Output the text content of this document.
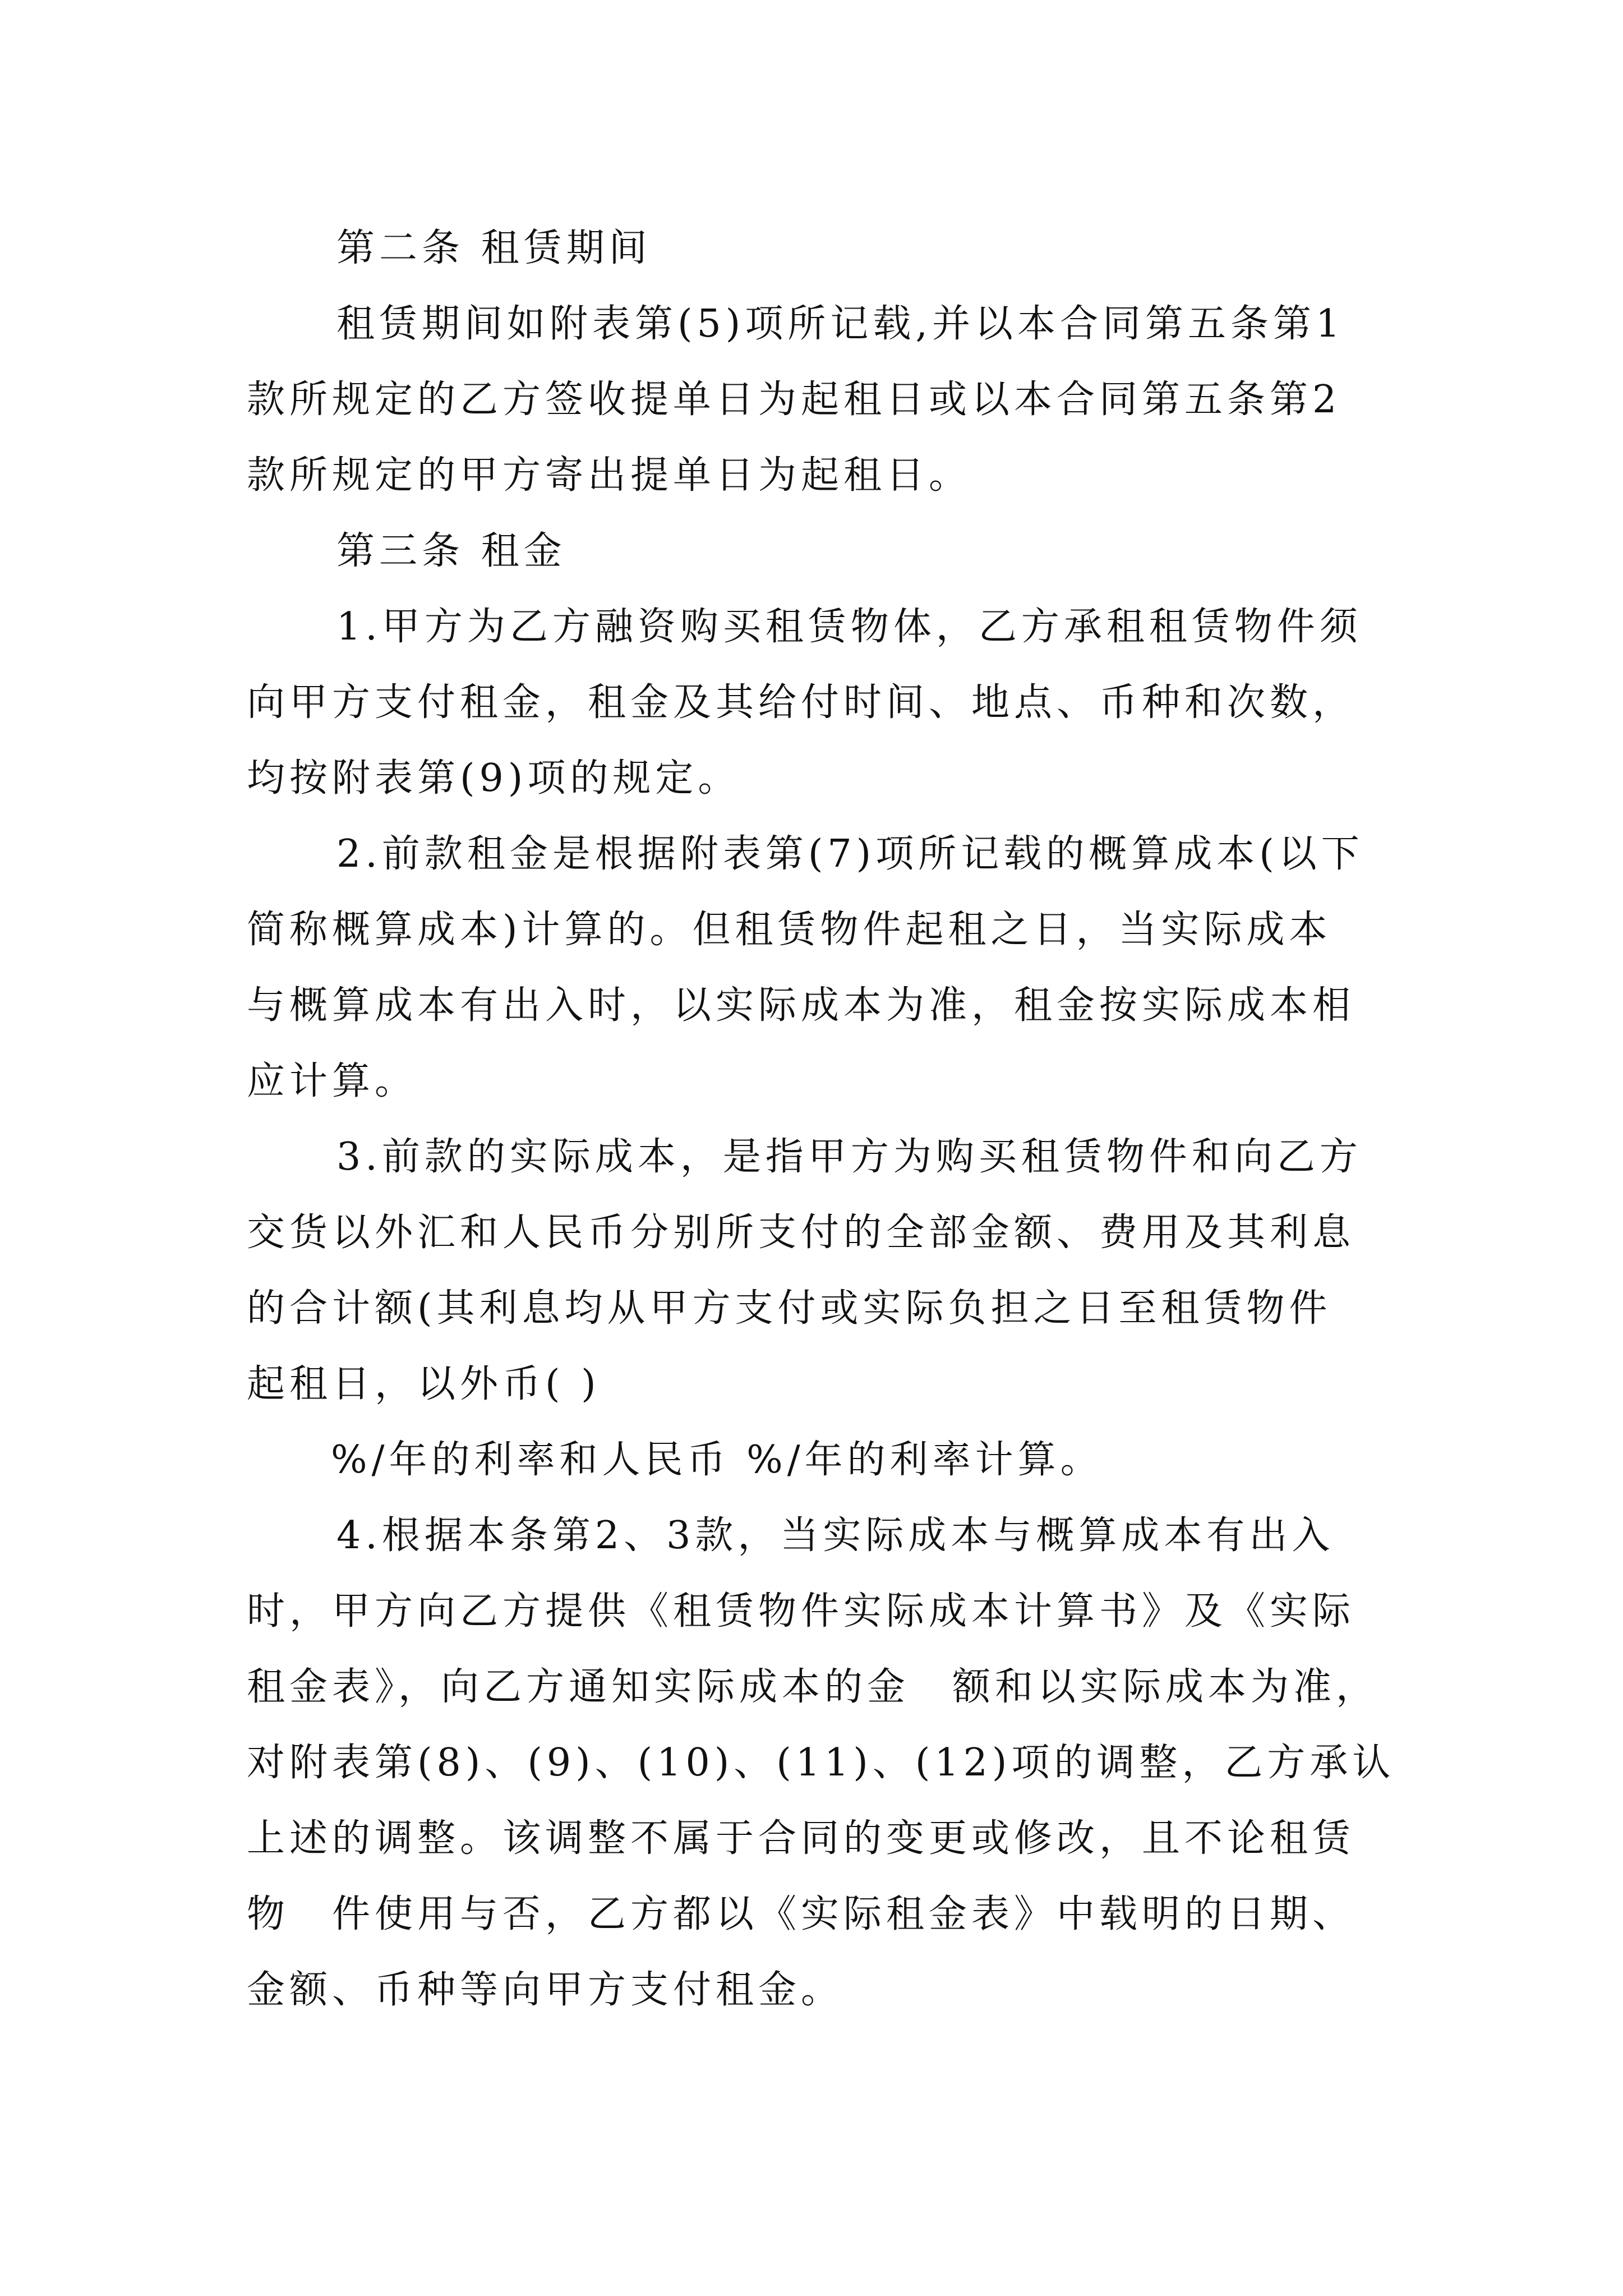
第二条 租赁期间
租赁期间如附表第(5)项所记载,并以本合同第五条第1
款所规定的乙方签收提单日为起租日或以本合同第五条第2
款所规定的甲方寄出提单日为起租日。
第三条 租金
1.甲方为乙方融资购买租赁物体，乙方承租租赁物件须
向甲方支付租金，租金及其给付时间、地点、币种和次数，
均按附表第(9)项的规定。
2.前款租金是根据附表第(7)项所记载的概算成本(以下
简称概算成本)计算的。但租赁物件起租之日，当实际成本
与概算成本有出入时，以实际成本为准，租金按实际成本相
应计算。
3.前款的实际成本，是指甲方为购买租赁物件和向乙方
交货以外汇和人民币分别所支付的全部金额、费用及其利息
的合计额(其利息均从甲方支付或实际负担之日至租赁物件
起租日，以外币( )
%/年的利率和人民币 %/年的利率计算。
4.根据本条第2、3款，当实际成本与概算成本有出入
时，甲方向乙方提供《租赁物件实际成本计算书》及《实际
租金表》，向乙方通知实际成本的金　额和以实际成本为准，
对附表第(8)、(9)、(10)、(11)、(12)项的调整，乙方承认
上述的调整。该调整不属于合同的变更或修改，且不论租赁
物　件使用与否，乙方都以《实际租金表》中载明的日期、
金额、币种等向甲方支付租金。
